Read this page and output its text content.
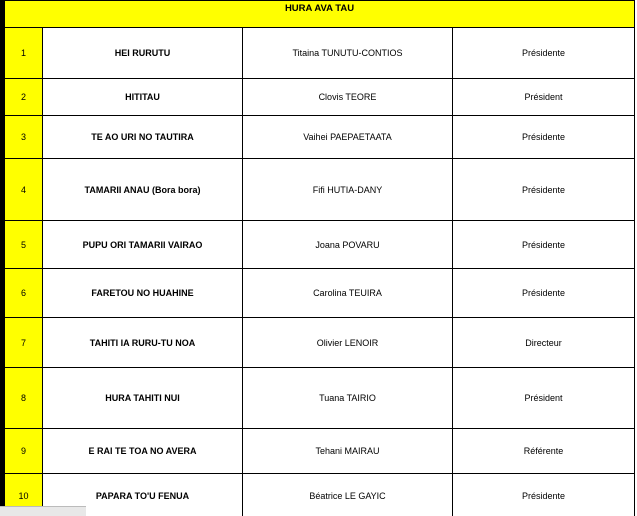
HURA AVA TAU			
1	HEI RURUTU	Titaina TUNUTU-CONTIOS	Présidente
2	HITITAU	Clovis TEORE	Président
3	TE AO URI NO TAUTIRA	Vaihei PAEPAETAATA	Présidente
4	TAMARII ANAU (Bora bora)	Fifi HUTIA-DANY	Présidente
5	PUPU ORI TAMARII VAIRAO	Joana POVARU	Présidente
6	FARETOU NO HUAHINE	Carolina TEUIRA	Présidente
7	TAHITI IA RURU-TU NOA	Olivier LENOIR	Directeur
8	HURA TAHITI NUI	Tuana TAIRIO	Président
9	E RAI TE TOA NO AVERA	Tehani MAIRAU	Référente
10	PAPARA TO'U FENUA	Béatrice LE GAYIC	Présidente
